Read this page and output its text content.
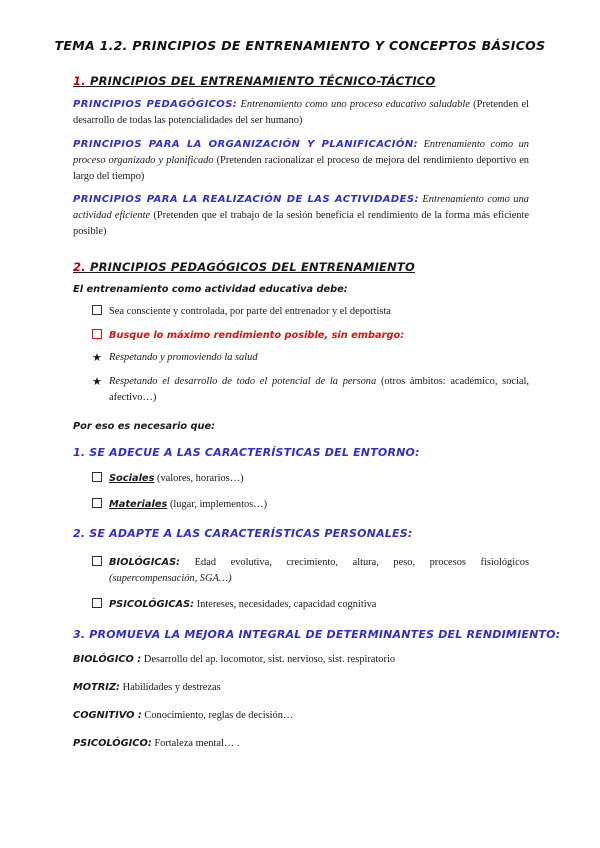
TEMA 1.2. PRINCIPIOS DE ENTRENAMIENTO Y CONCEPTOS BÁSICOS
1. PRINCIPIOS DEL ENTRENAMIENTO TÉCNICO-TÁCTICO
PRINCIPIOS PEDAGÓGICOS: Entrenamiento como uno proceso educativo saludable (Pretenden el desarrollo de todas las potencialidades del ser humano)
PRINCIPIOS PARA LA ORGANIZACIÓN Y PLANIFICACIÓN: Entrenamiento como un proceso organizado y planificado (Pretenden racionalizar el proceso de mejora del rendimiento deportivo en largo del tiempo)
PRINCIPIOS PARA LA REALIZACIÓN DE LAS ACTIVIDADES: Entrenamiento como una actividad eficiente (Pretenden que el trabajo de la sesión beneficia el rendimiento de la forma más eficiente posible)
2. PRINCIPIOS PEDAGÓGICOS DEL ENTRENAMIENTO
El entrenamiento como actividad educativa debe:
Sea consciente y controlada, por parte del entrenador y el deportista
Busque lo máximo rendimiento posible, sin embargo:
★ Respetando y promoviendo la salud
★ Respetando el desarrollo de todo el potencial de la persona (otros ámbitos: académico, social, afectivo…)
Por eso es necesario que:
1. SE ADECUE A LAS CARACTERÍSTICAS DEL ENTORNO:
Sociales (valores, horarios…)
Materiales (lugar, implementos…)
2. SE ADAPTE A LAS CARACTERÍSTICAS PERSONALES:
BIOLÓGICAS: Edad evolutiva, crecimiento, altura, peso, procesos fisiológicos (supercompensación, SGA…)
PSICOLÓGICAS: Intereses, necesidades, capacidad cognitiva
3. PROMUEVA LA MEJORA INTEGRAL DE DETERMINANTES DEL RENDIMIENTO:
BIOLÓGICO : Desarrollo del ap. locomotor, sist. nervioso, sist. respiratorio
MOTRIZ: Habilidades y destrezas
COGNITIVO : Conocimiento, reglas de decisión…
PSICOLÓGICO: Fortaleza mental… .
